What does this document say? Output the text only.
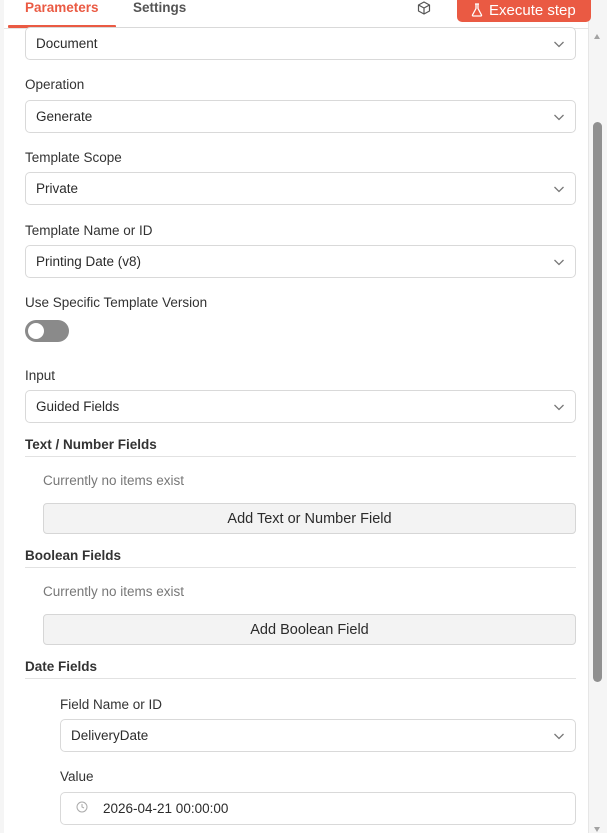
Parameters	Settings	Execute step
Document
Operation
Generate
Template Scope
Private
Template Name or ID
Printing Date (v8)
Use Specific Template Version
Input
Guided Fields
Text / Number Fields
Currently no items exist
Add Text or Number Field
Boolean Fields
Currently no items exist
Add Boolean Field
Date Fields
Field Name or ID
DeliveryDate
Value
2026-04-21 00:00:00
